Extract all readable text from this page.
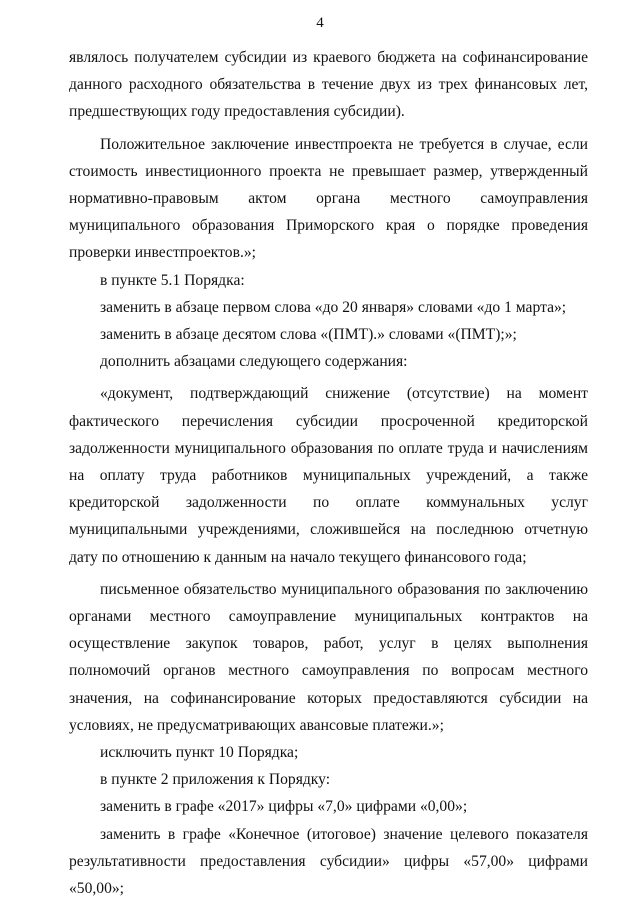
4

являлось получателем субсидии из краевого бюджета на софинансирование данного расходного обязательства в течение двух из трех финансовых лет, предшествующих году предоставления субсидии).

Положительное заключение инвестпроекта не требуется в случае, если стоимость инвестиционного проекта не превышает размер, утвержденный нормативно-правовым актом органа местного самоуправления муниципального образования Приморского края о порядке проведения проверки инвестпроектов.»;

в пункте 5.1 Порядка:

заменить в абзаце первом слова «до 20 января» словами «до 1 марта»;

заменить в абзаце десятом слова «(ПМТ).» словами «(ПМТ);»;

дополнить абзацами следующего содержания:

«документ, подтверждающий снижение (отсутствие) на момент фактического перечисления субсидии просроченной кредиторской задолженности муниципального образования по оплате труда и начислениям на оплату труда работников муниципальных учреждений, а также кредиторской задолженности по оплате коммунальных услуг муниципальными учреждениями, сложившейся на последнюю отчетную дату по отношению к данным на начало текущего финансового года;

письменное обязательство муниципального образования по заключению органами местного самоуправление муниципальных контрактов на осуществление закупок товаров, работ, услуг в целях выполнения полномочий органов местного самоуправления по вопросам местного значения, на софинансирование которых предоставляются субсидии на условиях, не предусматривающих авансовые платежи.»;

исключить пункт 10 Порядка;

в пункте 2 приложения к Порядку:

заменить в графе «2017» цифры «7,0» цифрами «0,00»;

заменить в графе «Конечное (итоговое) значение целевого показателя результативности предоставления субсидии» цифры «57,00» цифрами «50,00»;
